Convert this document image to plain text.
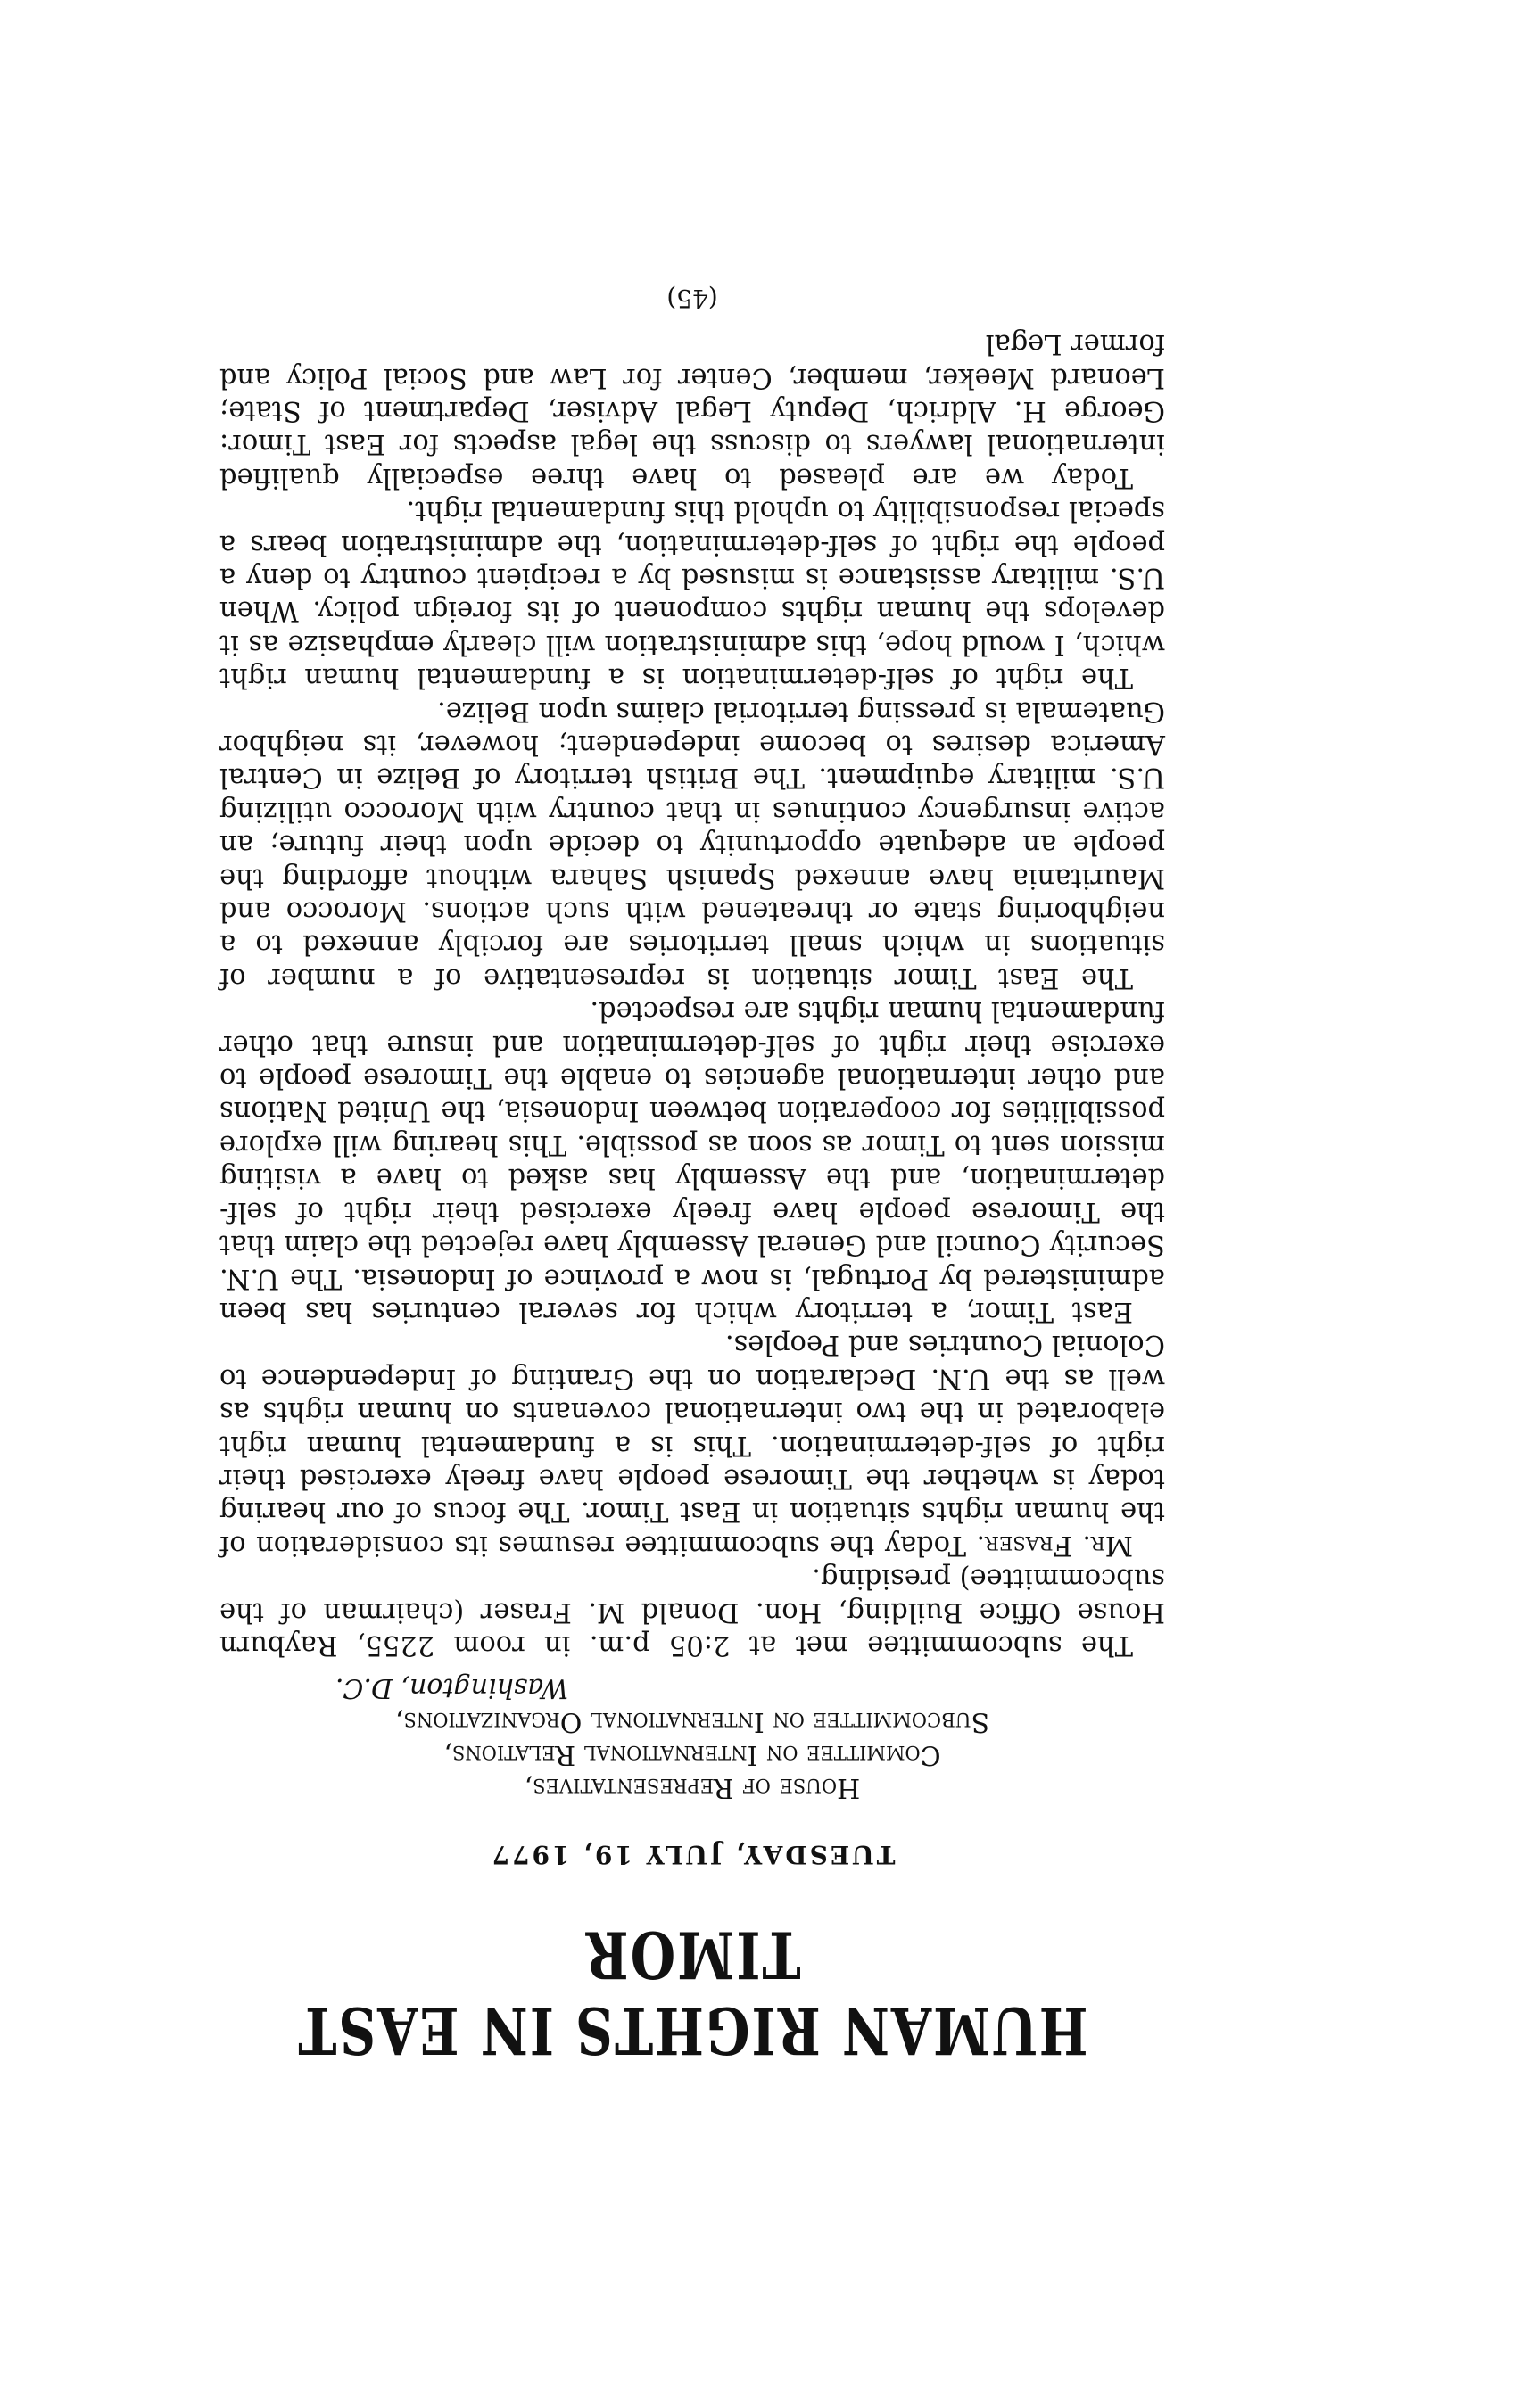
HUMAN RIGHTS IN EAST TIMOR
TUESDAY, JULY 19, 1977
House of Representatives,
Committee on International Relations,
Subcommittee on International Organizations,
Washington, D.C.

The subcommittee met at 2:05 p.m. in room 2255, Rayburn House Office Building, Hon. Donald M. Fraser (chairman of the subcommittee) presiding.

Mr. Fraser. Today the subcommittee resumes its consideration of the human rights situation in East Timor. The focus of our hearing today is whether the Timorese people have freely exercised their right of self-determination. This is a fundamental human right elaborated in the two international covenants on human rights as well as the U.N. Declaration on the Granting of Independence to Colonial Countries and Peoples.

East Timor, a territory which for several centuries has been administered by Portugal, is now a province of Indonesia. The U.N. Security Council and General Assembly have rejected the claim that the Timorese people have freely exercised their right of self-determination, and the Assembly has asked to have a visiting mission sent to Timor as soon as possible. This hearing will explore possibilities for cooperation between Indonesia, the United Nations and other international agencies to enable the Timorese people to exercise their right of self-determination and insure that other fundamental human rights are respected.

The East Timor situation is representative of a number of situations in which small territories are forcibly annexed to a neighboring state or threatened with such actions. Morocco and Mauritania have annexed Spanish Sahara without affording the people an adequate opportunity to decide upon their future; an active insurgency continues in that country with Morocco utilizing U.S. military equipment. The British territory of Belize in Central America desires to become independent; however, its neighbor Guatemala is pressing territorial claims upon Belize.

The right of self-determination is a fundamental human right which, I would hope, this administration will clearly emphasize as it develops the human rights component of its foreign policy. When U.S. military assistance is misused by a recipient country to deny a people the right of self-determination, the administration bears a special responsibility to uphold this fundamental right.

Today we are pleased to have three especially qualified international lawyers to discuss the legal aspects for East Timor: George H. Aldrich, Deputy Legal Adviser, Department of State; Leonard Meeker, member, Center for Law and Social Policy and former Legal

(45)
